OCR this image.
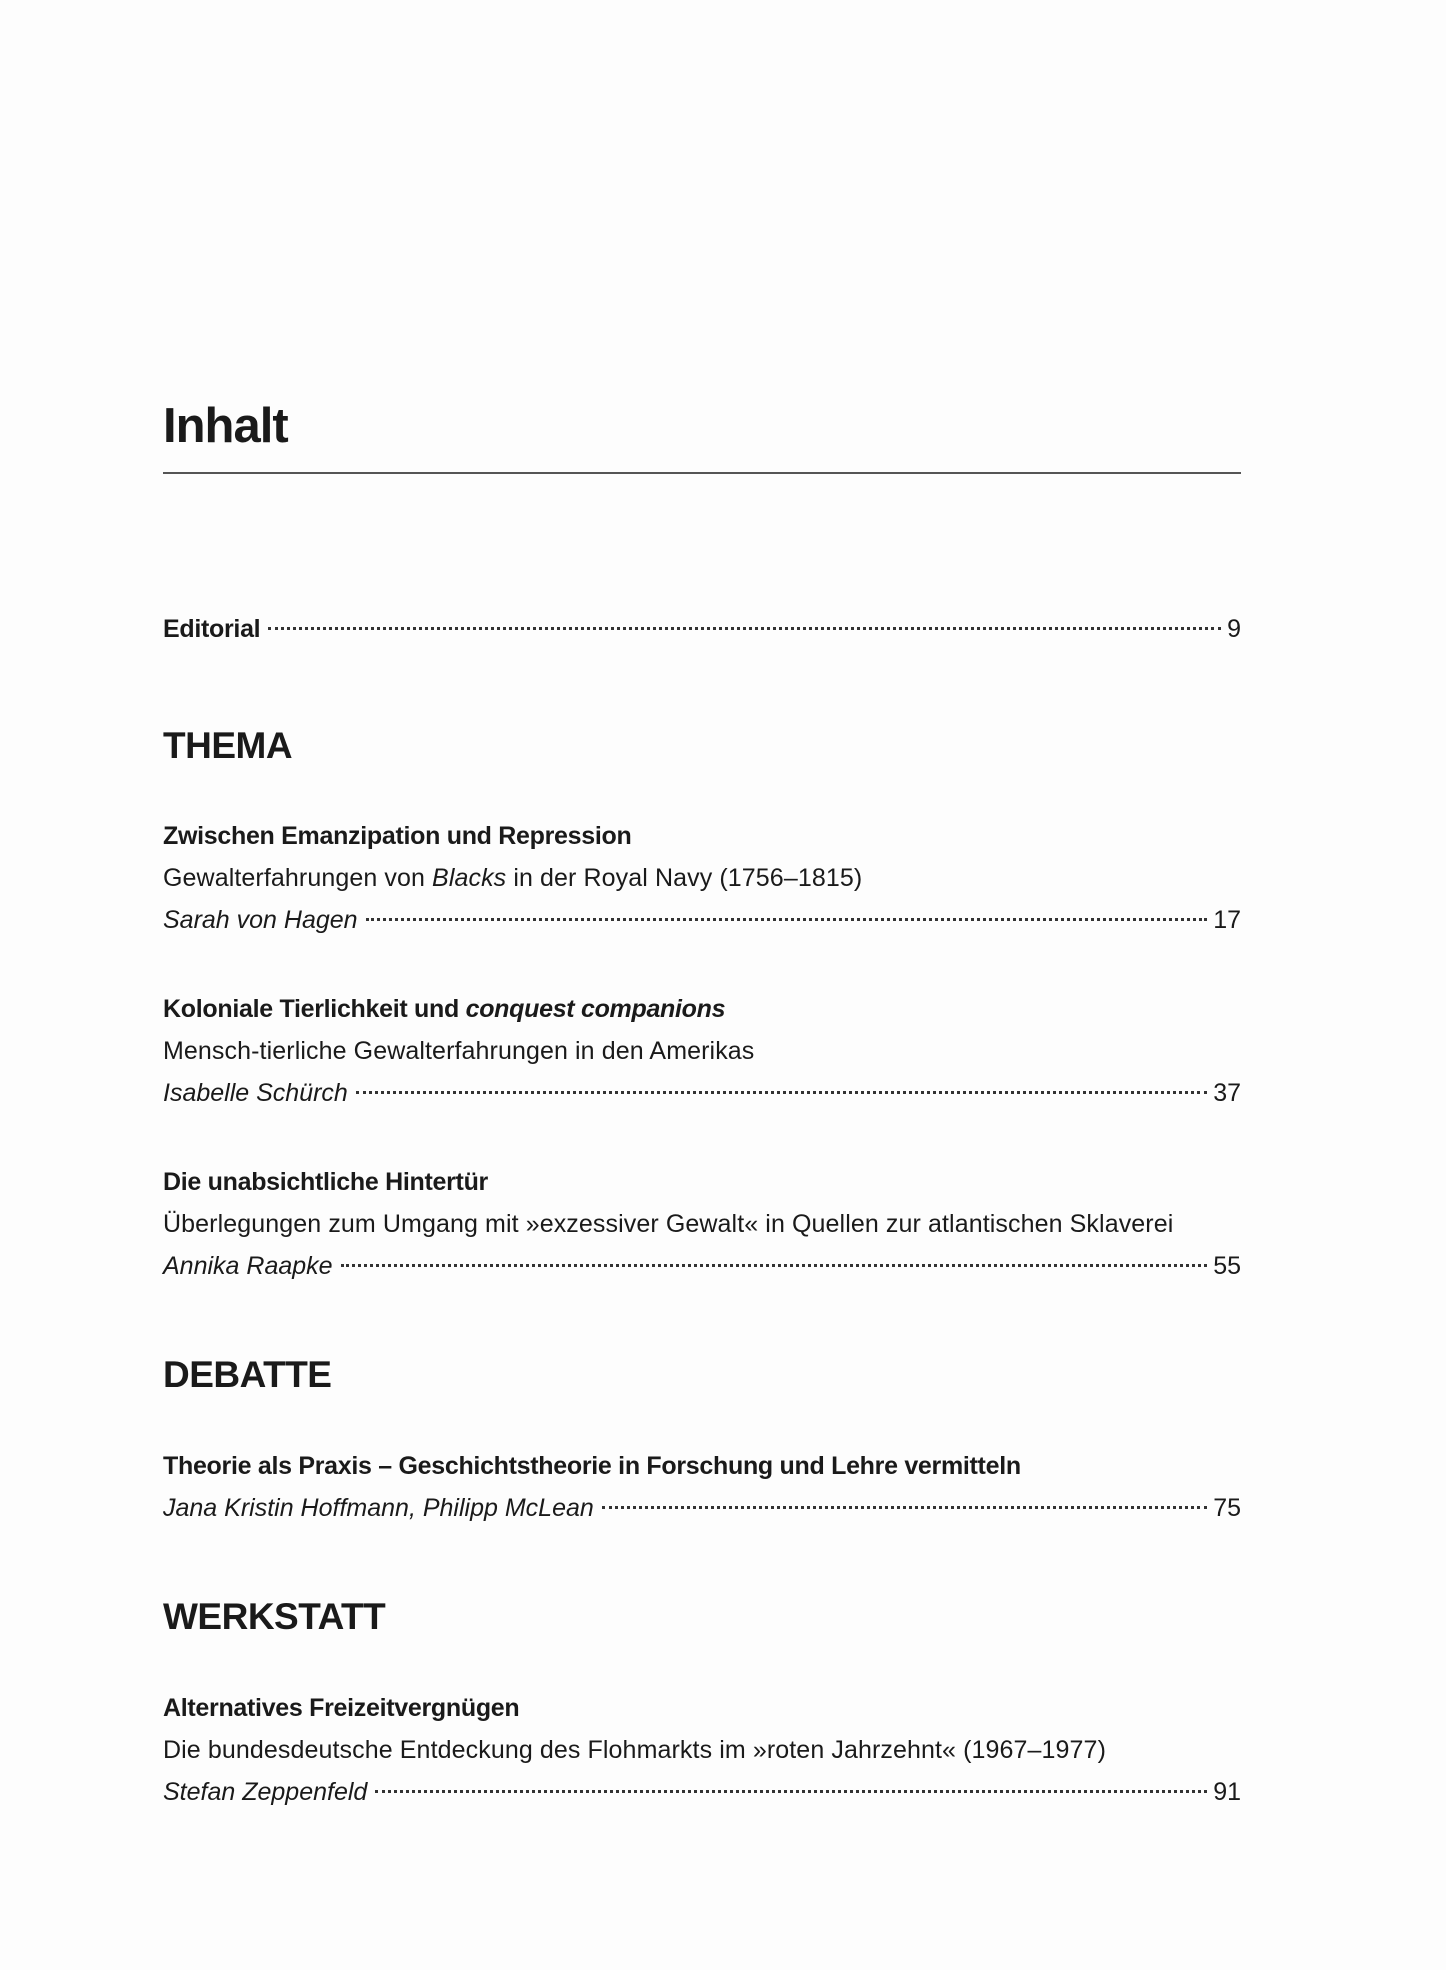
Inhalt
Editorial	9
THEMA
Zwischen Emanzipation und Repression
Gewalterfahrungen von Blacks in der Royal Navy (1756–1815)
Sarah von Hagen	17
Koloniale Tierlichkeit und conquest companions
Mensch-tierliche Gewalterfahrungen in den Amerikas
Isabelle Schürch	37
Die unabsichtliche Hintertür
Überlegungen zum Umgang mit »exzessiver Gewalt« in Quellen zur atlantischen Sklaverei
Annika Raapke	55
DEBATTE
Theorie als Praxis – Geschichtstheorie in Forschung und Lehre vermitteln
Jana Kristin Hoffmann, Philipp McLean	75
WERKSTATT
Alternatives Freizeitvergnügen
Die bundesdeutsche Entdeckung des Flohmarkts im »roten Jahrzehnt« (1967–1977)
Stefan Zeppenfeld	91
